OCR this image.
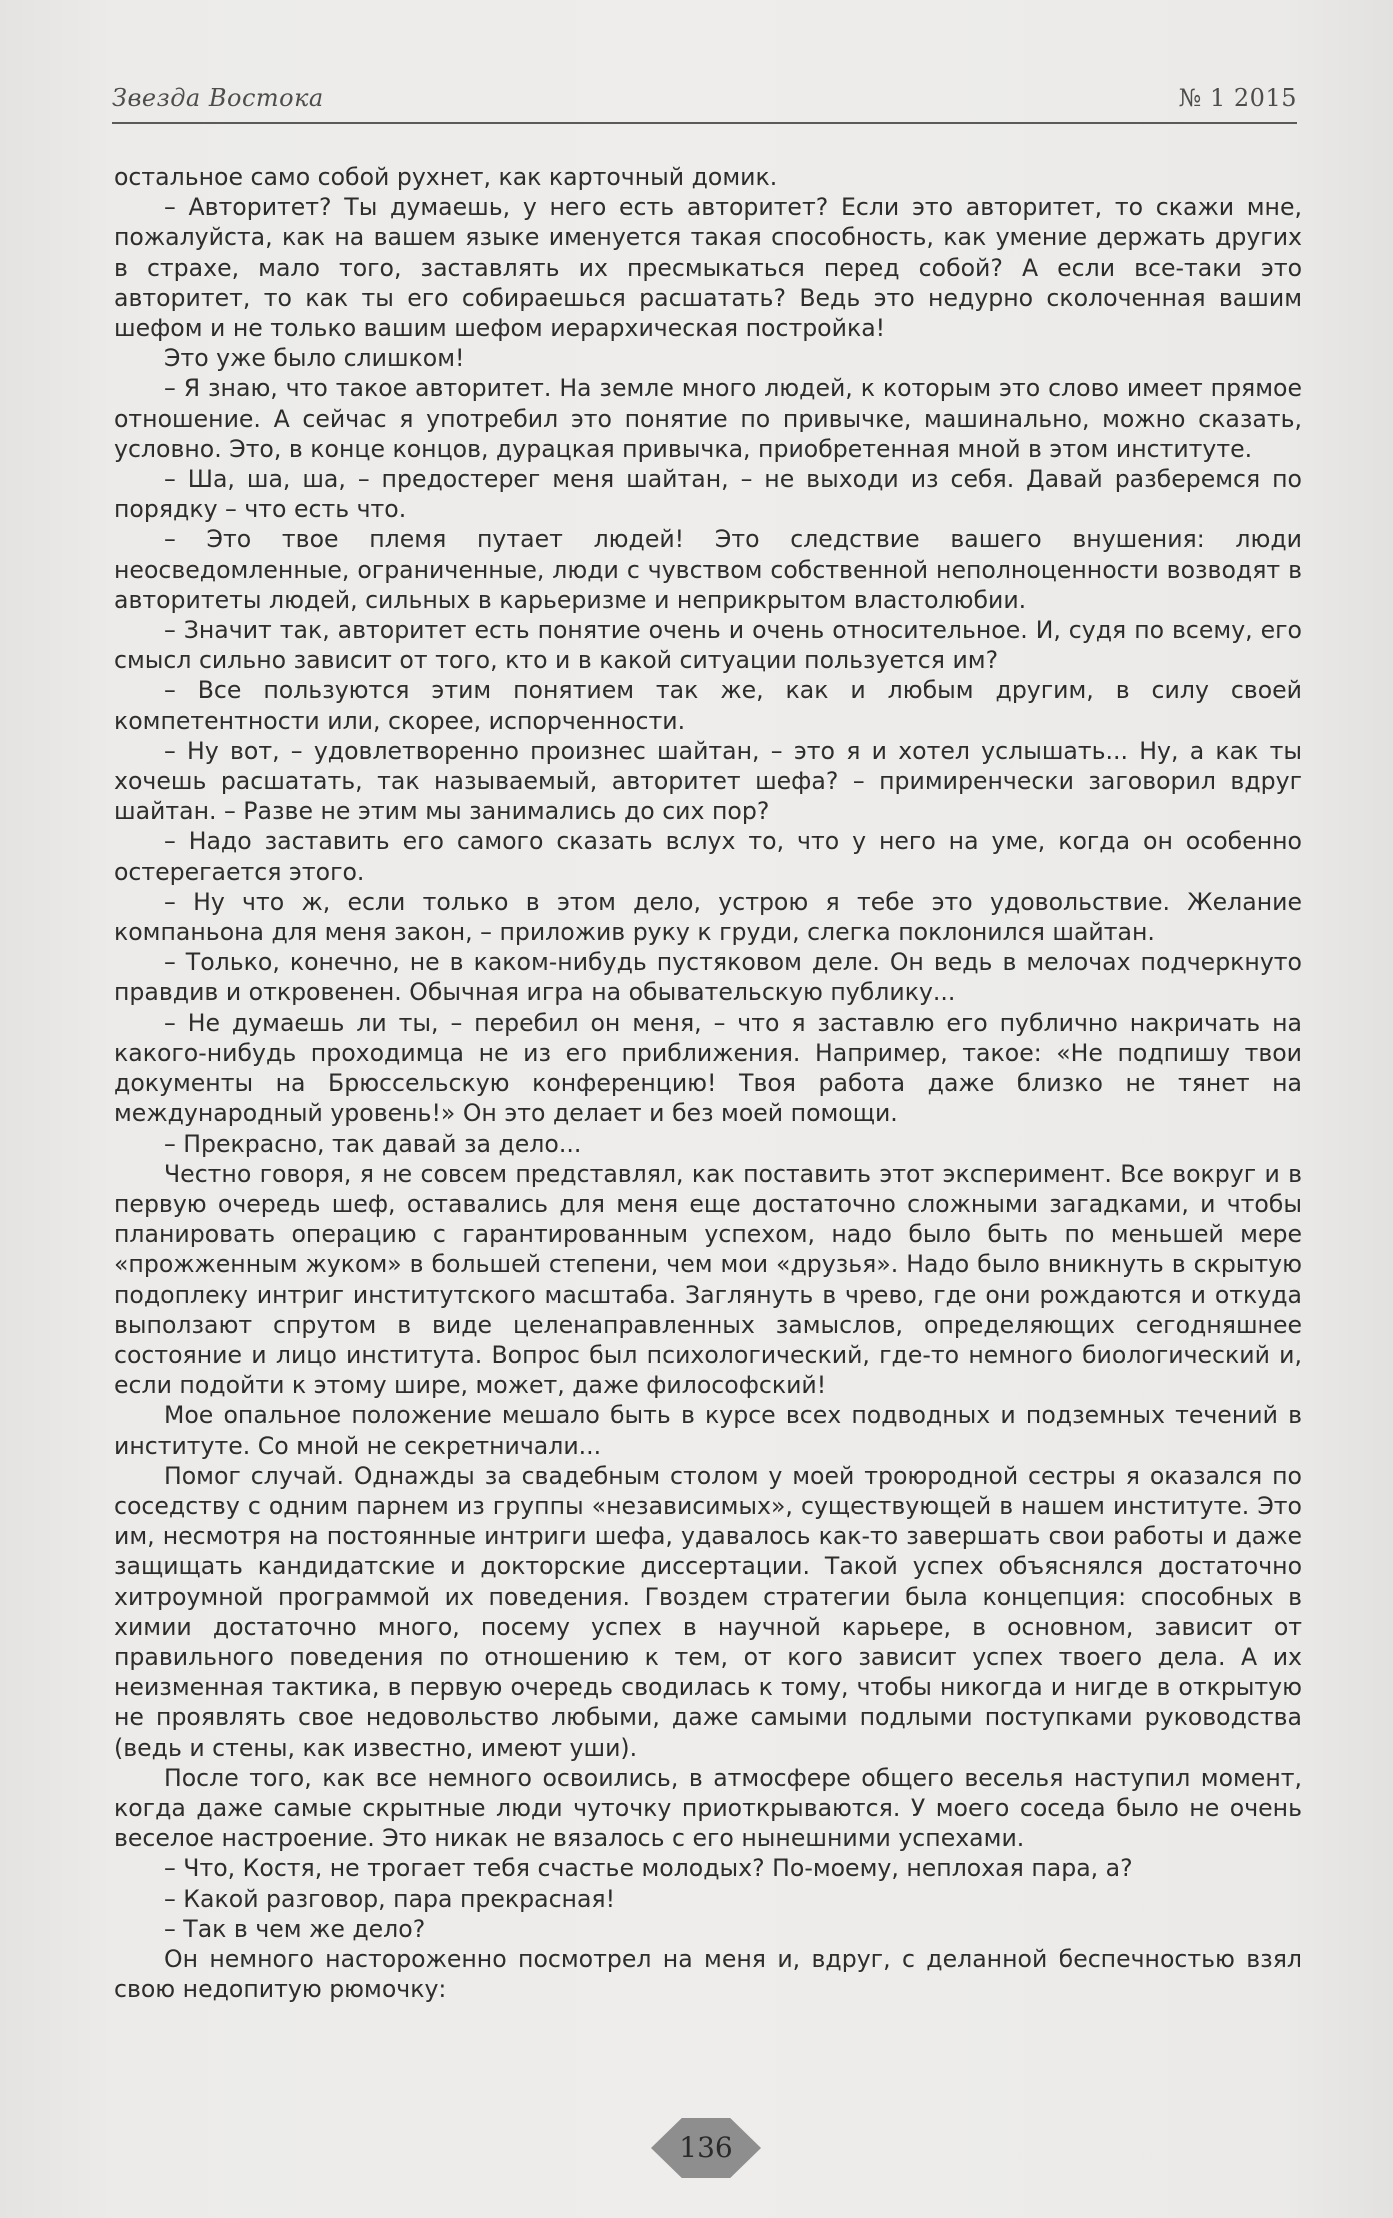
Звезда Востока	№ 1 2015

остальное само собой рухнет, как карточный домик.

– Авторитет? Ты думаешь, у него есть авторитет? Если это авторитет, то скажи мне, пожалуйста, как на вашем языке именуется такая способность, как умение держать других в страхе, мало того, заставлять их пресмыкаться перед собой? А если все-таки это авторитет, то как ты его собираешься расшатать? Ведь это недурно сколоченная вашим шефом и не только вашим шефом иерархическая постройка!

Это уже было слишком!

– Я знаю, что такое авторитет. На земле много людей, к которым это слово имеет прямое отношение. А сейчас я употребил это понятие по привычке, машинально, можно сказать, условно. Это, в конце концов, дурацкая привычка, приобретенная мной в этом институте.

– Ша, ша, ша, – предостерег меня шайтан, – не выходи из себя. Давай разберемся по порядку – что есть что.

– Это твое племя путает людей! Это следствие вашего внушения: люди неосведомленные, ограниченные, люди с чувством собственной неполноценности возводят в авторитеты людей, сильных в карьеризме и неприкрытом властолюбии.

– Значит так, авторитет есть понятие очень и очень относительное. И, судя по всему, его смысл сильно зависит от того, кто и в какой ситуации пользуется им?

– Все пользуются этим понятием так же, как и любым другим, в силу своей компетентности или, скорее, испорченности.

– Ну вот, – удовлетворенно произнес шайтан, – это я и хотел услышать... Ну, а как ты хочешь расшатать, так называемый, авторитет шефа? – примиренчески заговорил вдруг шайтан. – Разве не этим мы занимались до сих пор?

– Надо заставить его самого сказать вслух то, что у него на уме, когда он особенно остерегается этого.

– Ну что ж, если только в этом дело, устрою я тебе это удовольствие. Желание компаньона для меня закон, – приложив руку к груди, слегка поклонился шайтан.

– Только, конечно, не в каком-нибудь пустяковом деле. Он ведь в мелочах подчеркнуто правдив и откровенен. Обычная игра на обывательскую публику...

– Не думаешь ли ты, – перебил он меня, – что я заставлю его публично накричать на какого-нибудь проходимца не из его приближения. Например, такое: «Не подпишу твои документы на Брюссельскую конференцию! Твоя работа даже близко не тянет на международный уровень!» Он это делает и без моей помощи.

– Прекрасно, так давай за дело...

Честно говоря, я не совсем представлял, как поставить этот эксперимент. Все вокруг и в первую очередь шеф, оставались для меня еще достаточно сложными загадками, и чтобы планировать операцию с гарантированным успехом, надо было быть по меньшей мере «прожженным жуком» в большей степени, чем мои «друзья». Надо было вникнуть в скрытую подоплеку интриг институтского масштаба. Заглянуть в чрево, где они рождаются и откуда выползают спрутом в виде целенаправленных замыслов, определяющих сегодняшнее состояние и лицо института. Вопрос был психологический, где-то немного биологический и, если подойти к этому шире, может, даже философский!

Мое опальное положение мешало быть в курсе всех подводных и подземных течений в институте. Со мной не секретничали...

Помог случай. Однажды за свадебным столом у моей троюродной сестры я оказался по соседству с одним парнем из группы «независимых», существующей в нашем институте. Это им, несмотря на постоянные интриги шефа, удавалось как-то завершать свои работы и даже защищать кандидатские и докторские диссертации. Такой успех объяснялся достаточно хитроумной программой их поведения. Гвоздем стратегии была концепция: способных в химии достаточно много, посему успех в научной карьере, в основном, зависит от правильного поведения по отношению к тем, от кого зависит успех твоего дела. А их неизменная тактика, в первую очередь сводилась к тому, чтобы никогда и нигде в открытую не проявлять свое недовольство любыми, даже самыми подлыми поступками руководства (ведь и стены, как известно, имеют уши).

После того, как все немного освоились, в атмосфере общего веселья наступил момент, когда даже самые скрытные люди чуточку приоткрываются. У моего соседа было не очень веселое настроение. Это никак не вязалось с его нынешними успехами.

– Что, Костя, не трогает тебя счастье молодых? По-моему, неплохая пара, а?

– Какой разговор, пара прекрасная!

– Так в чем же дело?

Он немного настороженно посмотрел на меня и, вдруг, с деланной беспечностью взял свою недопитую рюмочку:

136
